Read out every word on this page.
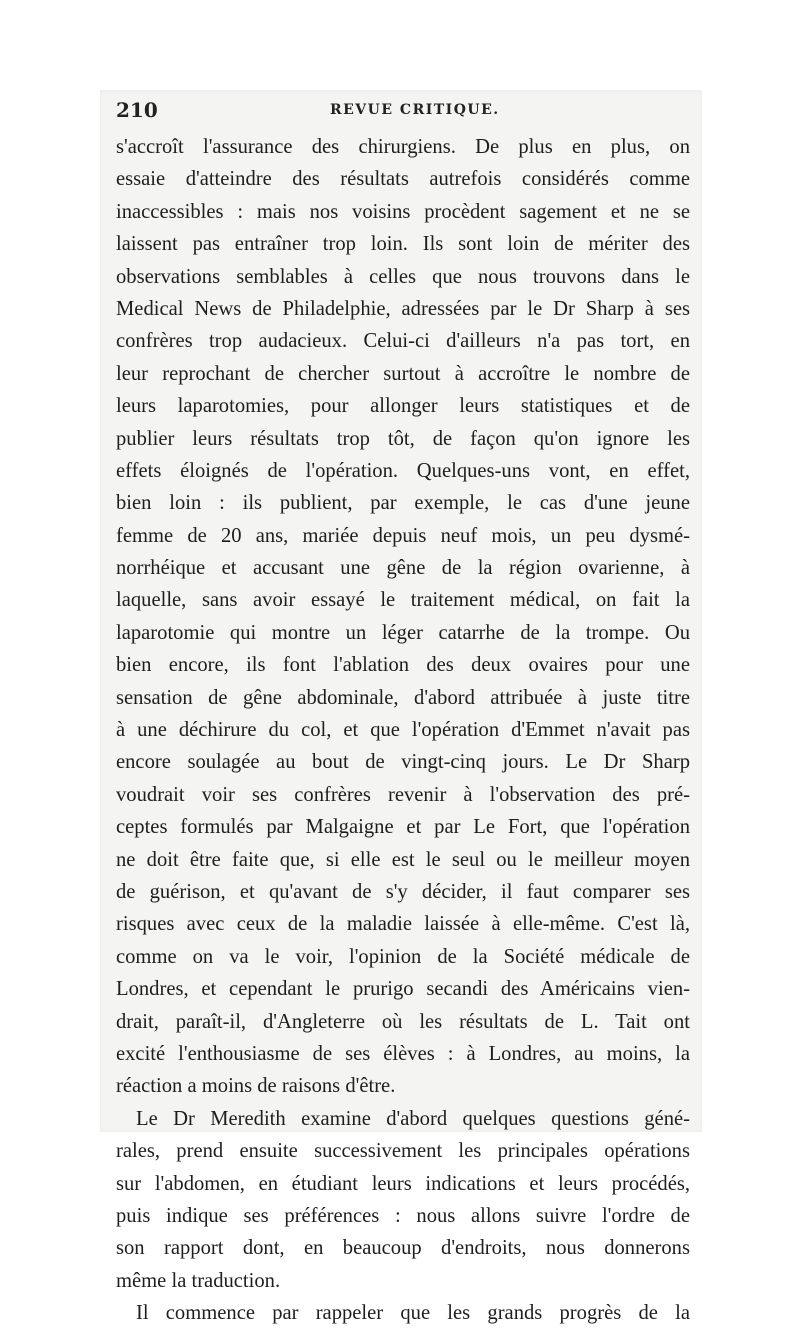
210	REVUE CRITIQUE.
s'accroît l'assurance des chirurgiens. De plus en plus, on
essaie d'atteindre des résultats autrefois considérés comme
inaccessibles : mais nos voisins procèdent sagement et ne se
laissent pas entraîner trop loin. Ils sont loin de mériter des
observations semblables à celles que nous trouvons dans le
Medical News de Philadelphie, adressées par le Dr Sharp à ses
confrères trop audacieux. Celui-ci d'ailleurs n'a pas tort, en
leur reprochant de chercher surtout à accroître le nombre de
leurs laparotomies, pour allonger leurs statistiques et de
publier leurs résultats trop tôt, de façon qu'on ignore les
effets éloignés de l'opération. Quelques-uns vont, en effet,
bien loin : ils publient, par exemple, le cas d'une jeune
femme de 20 ans, mariée depuis neuf mois, un peu dysmé-
norrhéique et accusant une gêne de la région ovarienne, à
laquelle, sans avoir essayé le traitement médical, on fait la
laparotomie qui montre un léger catarrhe de la trompe. Ou
bien encore, ils font l'ablation des deux ovaires pour une
sensation de gêne abdominale, d'abord attribuée à juste titre
à une déchirure du col, et que l'opération d'Emmet n'avait pas
encore soulagée au bout de vingt-cinq jours. Le Dr Sharp
voudrait voir ses confrères revenir à l'observation des pré-
ceptes formulés par Malgaigne et par Le Fort, que l'opération
ne doit être faite que, si elle est le seul ou le meilleur moyen
de guérison, et qu'avant de s'y décider, il faut comparer ses
risques avec ceux de la maladie laissée à elle-même. C'est là,
comme on va le voir, l'opinion de la Société médicale de
Londres, et cependant le prurigo secandi des Américains vien-
drait, paraît-il, d'Angleterre où les résultats de L. Tait ont
excité l'enthousiasme de ses élèves : à Londres, au moins, la
réaction a moins de raisons d'être.
Le Dr Meredith examine d'abord quelques questions géné-
rales, prend ensuite successivement les principales opérations
sur l'abdomen, en étudiant leurs indications et leurs procédés,
puis indique ses préférences : nous allons suivre l'ordre de
son rapport dont, en beaucoup d'endroits, nous donnerons
même la traduction.
Il commence par rappeler que les grands progrès de la
